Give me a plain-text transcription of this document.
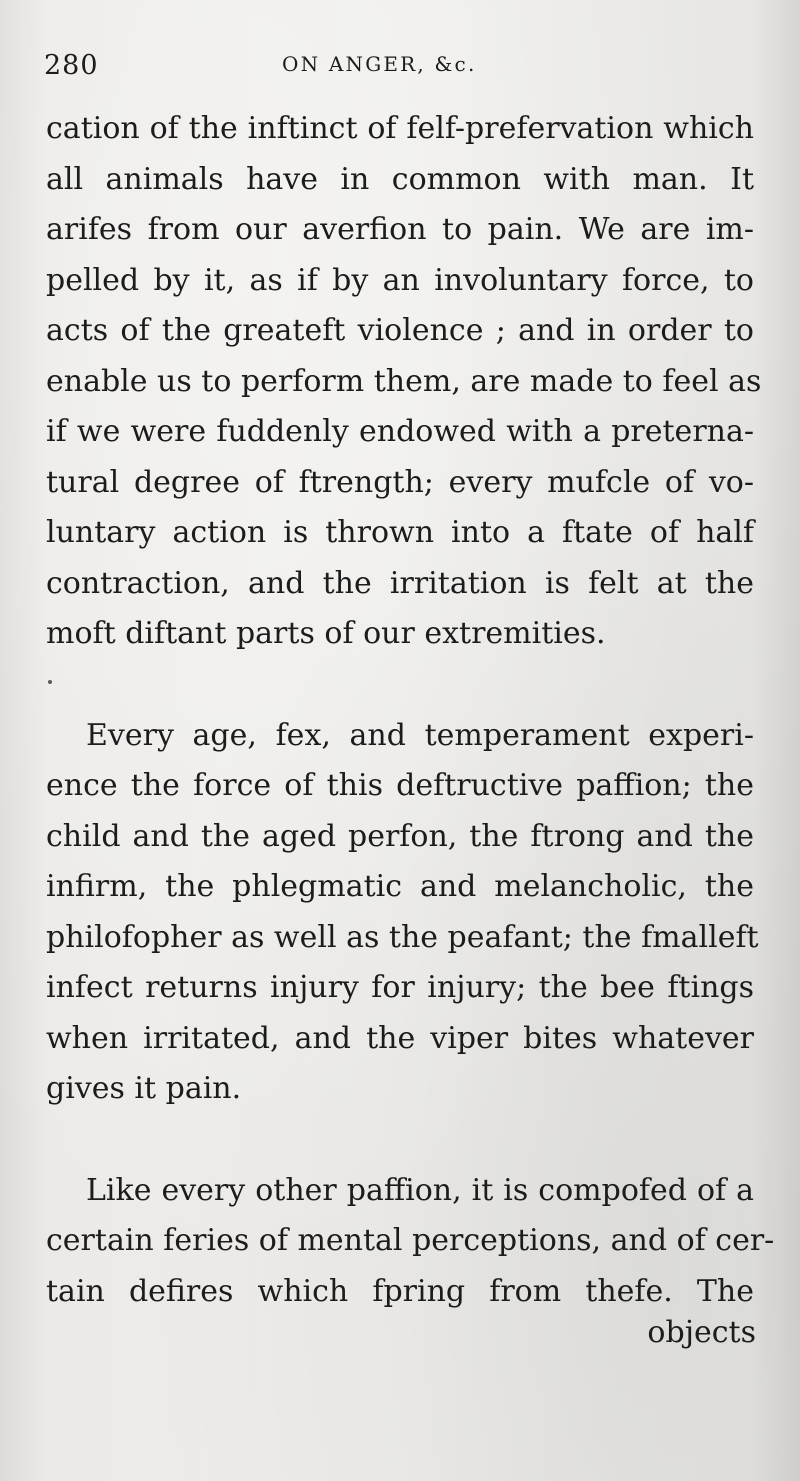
280	ON ANGER, &c.
cation of the inftinct of felf-prefervation which
all animals have in common with man. It
arifes from our averfion to pain. We are im-
pelled by it, as if by an involuntary force, to
acts of the greateft violence ; and in order to
enable us to perform them, are made to feel as
if we were fuddenly endowed with a preterna-
tural degree of ftrength; every mufcle of vo-
luntary action is thrown into a ftate of half
contraction, and the irritation is felt at the
moft diftant parts of our extremities.
Every age, fex, and temperament experi-
ence the force of this deftructive paffion; the
child and the aged perfon, the ftrong and the
infirm, the phlegmatic and melancholic, the
philofopher as well as the peafant; the fmalleft
infect returns injury for injury; the bee ftings
when irritated, and the viper bites whatever
gives it pain.
Like every other paffion, it is compofed of a
certain feries of mental perceptions, and of cer-
tain defires which fpring from thefe. The
objects
